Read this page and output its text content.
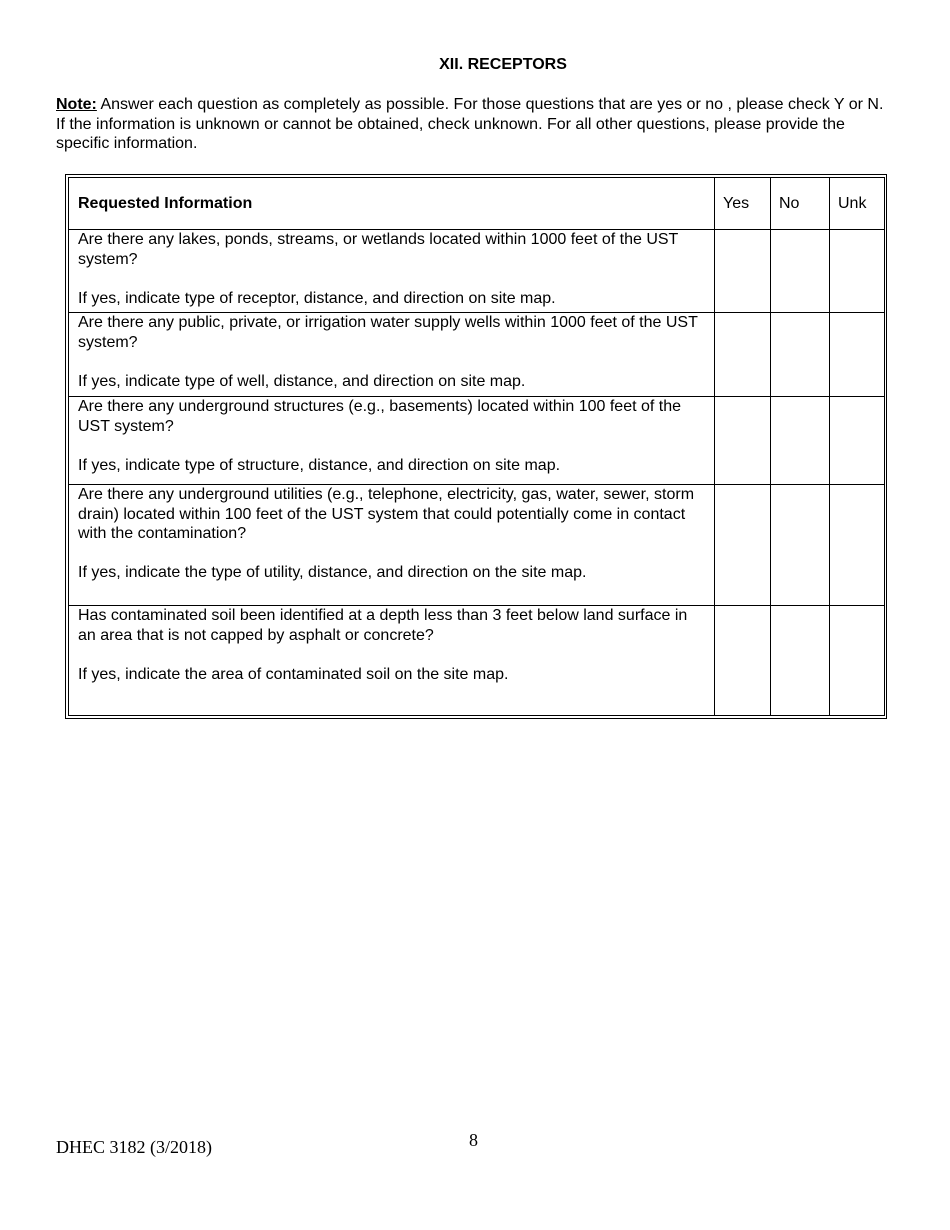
XII. RECEPTORS

Note: Answer each question as completely as possible. For those questions that are yes or no , please check Y or N. If the information is unknown or cannot be obtained, check unknown. For all other questions, please provide the specific information.

Requested Information	Yes	No	Unk

Are there any lakes, ponds, streams, or wetlands located within 1000 feet of the UST system?
If yes, indicate type of receptor, distance, and direction on site map.			

Are there any public, private, or irrigation water supply wells within 1000 feet of the UST system?
If yes, indicate type of well, distance, and direction on site map.			

Are there any underground structures (e.g., basements) located within 100 feet of the UST system?
If yes, indicate type of structure, distance, and direction on site map.			

Are there any underground utilities (e.g., telephone, electricity, gas, water, sewer, storm drain) located within 100 feet of the UST system that could potentially come in contact with the contamination?
If yes, indicate the type of utility, distance, and direction on the site map.			

Has contaminated soil been identified at a depth less than 3 feet below land surface in an area that is not capped by asphalt or concrete?
If yes, indicate the area of contaminated soil on the site map.			

8
DHEC 3182 (3/2018)
